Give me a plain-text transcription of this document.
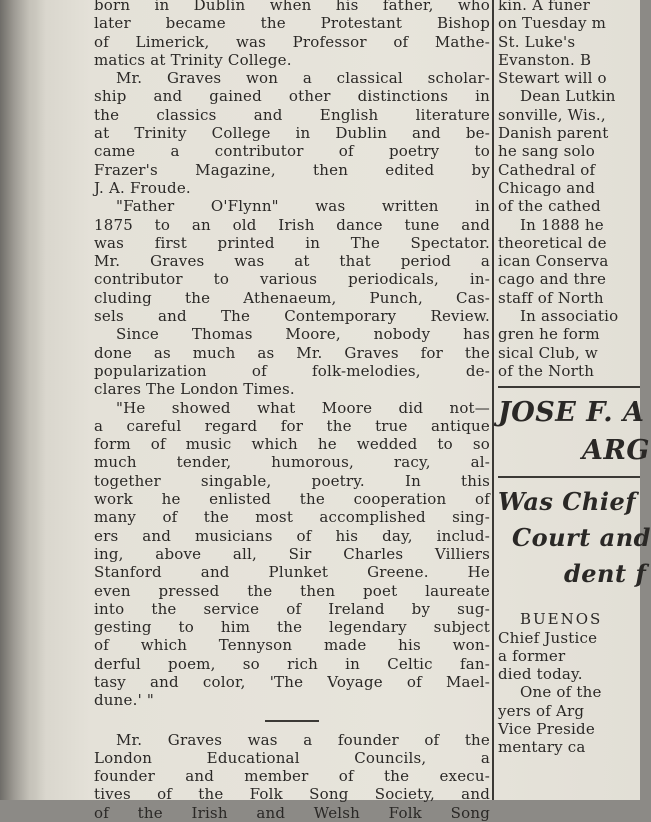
born in Dublin when his father, who
later became the Protestant Bishop
of Limerick, was Professor of Mathe-
matics at Trinity College.
Mr. Graves won a classical scholar-
ship and gained other distinctions in
the classics and English literature
at Trinity College in Dublin and be-
came a contributor of poetry to
Frazer's Magazine, then edited by
J. A. Froude.
"Father O'Flynn" was written in
1875 to an old Irish dance tune and
was first printed in The Spectator.
Mr. Graves was at that period a
contributor to various periodicals, in-
cluding the Athenaeum, Punch, Cas-
sels and The Contemporary Review.
Since Thomas Moore, nobody has
done as much as Mr. Graves for the
popularization of folk-melodies, de-
clares The London Times.
"He showed what Moore did not—
a careful regard for the true antique
form of music which he wedded to so
much tender, humorous, racy, al-
together singable, poetry. In this
work he enlisted the cooperation of
many of the most accomplished sing-
ers and musicians of his day, includ-
ing, above all, Sir Charles Villiers
Stanford and Plunket Greene. He
even pressed the then poet laureate
into the service of Ireland by sug-
gesting to him the legendary subject
of which Tennyson made his won-
derful poem, so rich in Celtic fan-
tasy and color, 'The Voyage of Mael-
dune.' "
Mr. Graves was a founder of the
London Educational Councils, a
founder and member of the execu-
tives of the Folk Song Society, and
of the Irish and Welsh Folk Song
kin. A funer
on Tuesday m
St. Luke's
Evanston. B
Stewart will o
Dean Lutkin
sonville, Wis.,
Danish parent
he sang solo
Cathedral of
Chicago and
of the cathed
In 1888 he
theoretical de
ican Conserva
cago and thre
staff of North
In associatio
gren he form
sical Club, w
of the North
JOSE F. A
ARG
Was Chief
Court and
dent f
BUENOS
Chief Justice
a former
died today.
One of the
yers of Arg
Vice Preside
mentary ca
